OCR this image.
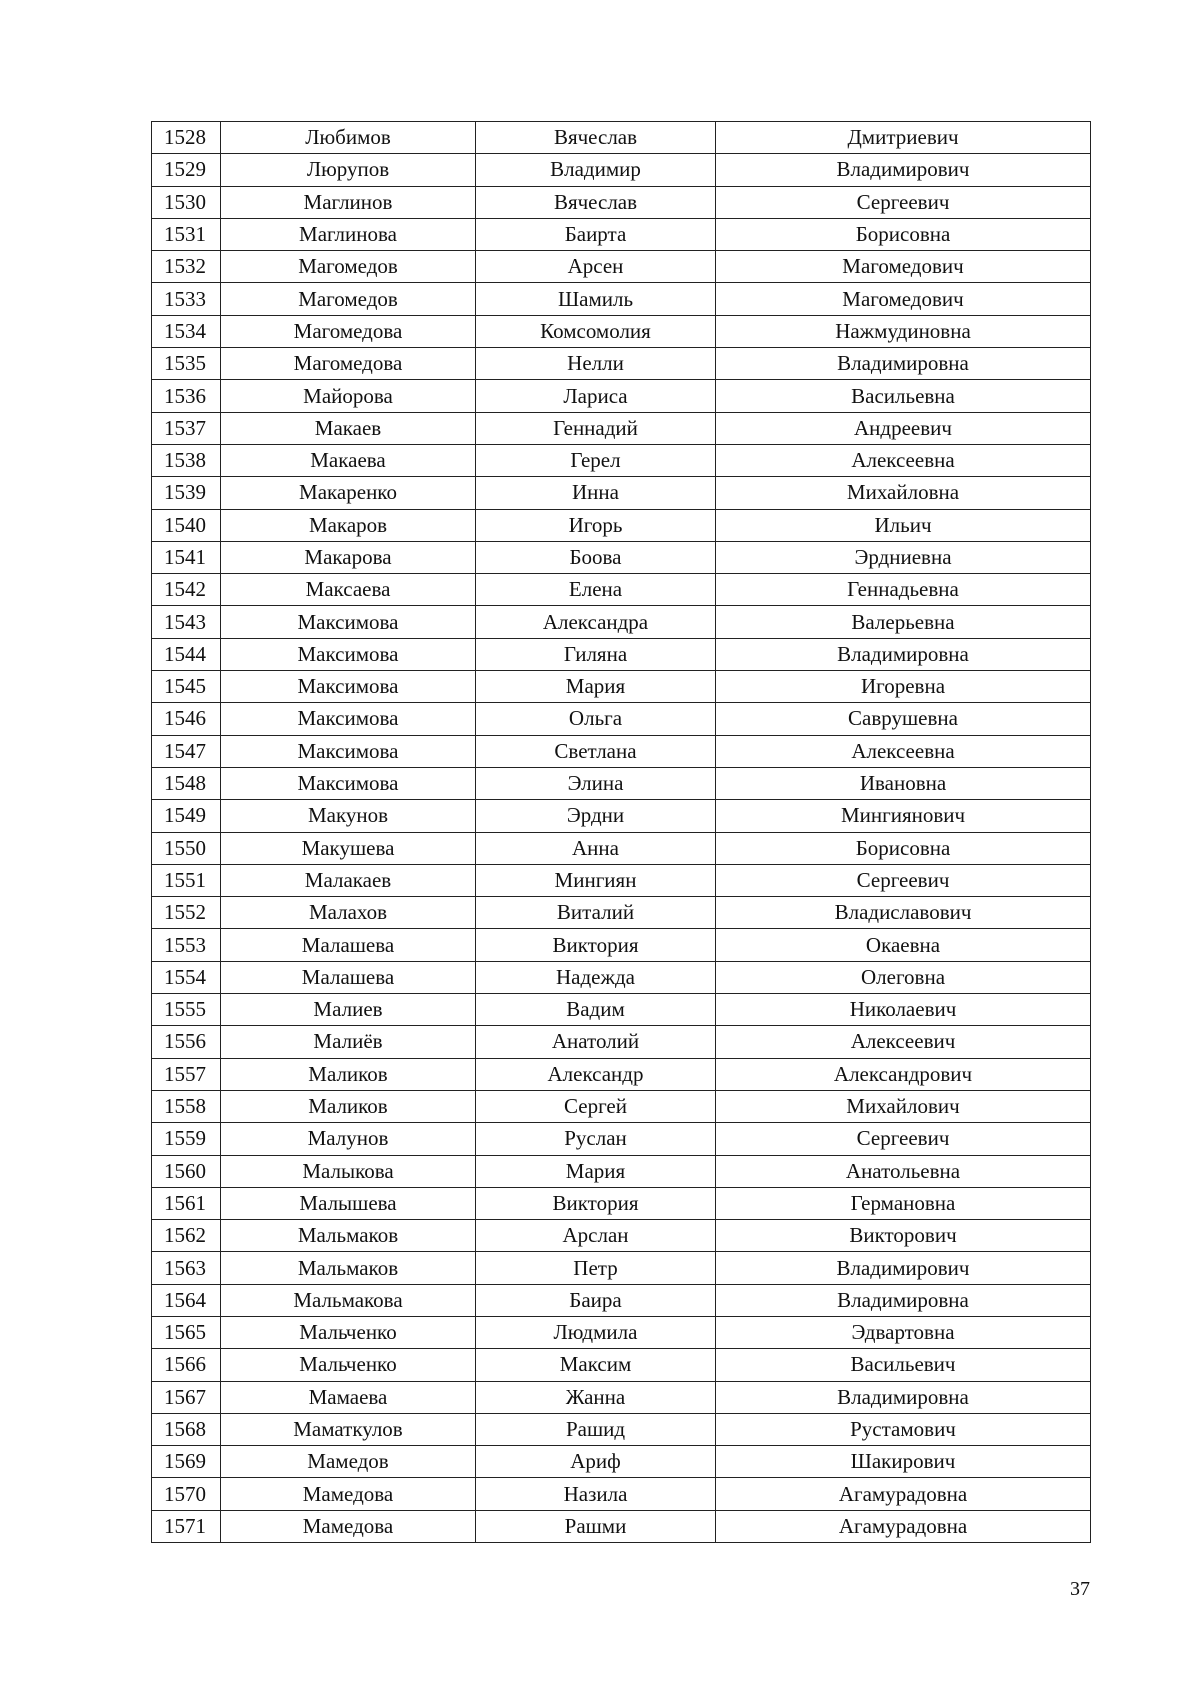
1528	Любимов	Вячеслав	Дмитриевич
1529	Люрупов	Владимир	Владимирович
1530	Маглинов	Вячеслав	Сергеевич
1531	Маглинова	Баирта	Борисовна
1532	Магомедов	Арсен	Магомедович
1533	Магомедов	Шамиль	Магомедович
1534	Магомедова	Комсомолия	Нажмудиновна
1535	Магомедова	Нелли	Владимировна
1536	Майорова	Лариса	Васильевна
1537	Макаев	Геннадий	Андреевич
1538	Макаева	Герел	Алексеевна
1539	Макаренко	Инна	Михайловна
1540	Макаров	Игорь	Ильич
1541	Макарова	Боова	Эрдниевна
1542	Максаева	Елена	Геннадьевна
1543	Максимова	Александра	Валерьевна
1544	Максимова	Гиляна	Владимировна
1545	Максимова	Мария	Игоревна
1546	Максимова	Ольга	Саврушевна
1547	Максимова	Светлана	Алексеевна
1548	Максимова	Элина	Ивановна
1549	Макунов	Эрдни	Мингиянович
1550	Макушева	Анна	Борисовна
1551	Малакаев	Мингиян	Сергеевич
1552	Малахов	Виталий	Владиславович
1553	Малашева	Виктория	Окаевна
1554	Малашева	Надежда	Олеговна
1555	Малиев	Вадим	Николаевич
1556	Малиёв	Анатолий	Алексеевич
1557	Маликов	Александр	Александрович
1558	Маликов	Сергей	Михайлович
1559	Малунов	Руслан	Сергеевич
1560	Малыкова	Мария	Анатольевна
1561	Малышева	Виктория	Германовна
1562	Мальмаков	Арслан	Викторович
1563	Мальмаков	Петр	Владимирович
1564	Мальмакова	Баира	Владимировна
1565	Мальченко	Людмила	Эдвартовна
1566	Мальченко	Максим	Васильевич
1567	Мамаева	Жанна	Владимировна
1568	Маматкулов	Рашид	Рустамович
1569	Мамедов	Ариф	Шакирович
1570	Мамедова	Назила	Агамурадовна
1571	Мамедова	Рашми	Агамурадовна
37
